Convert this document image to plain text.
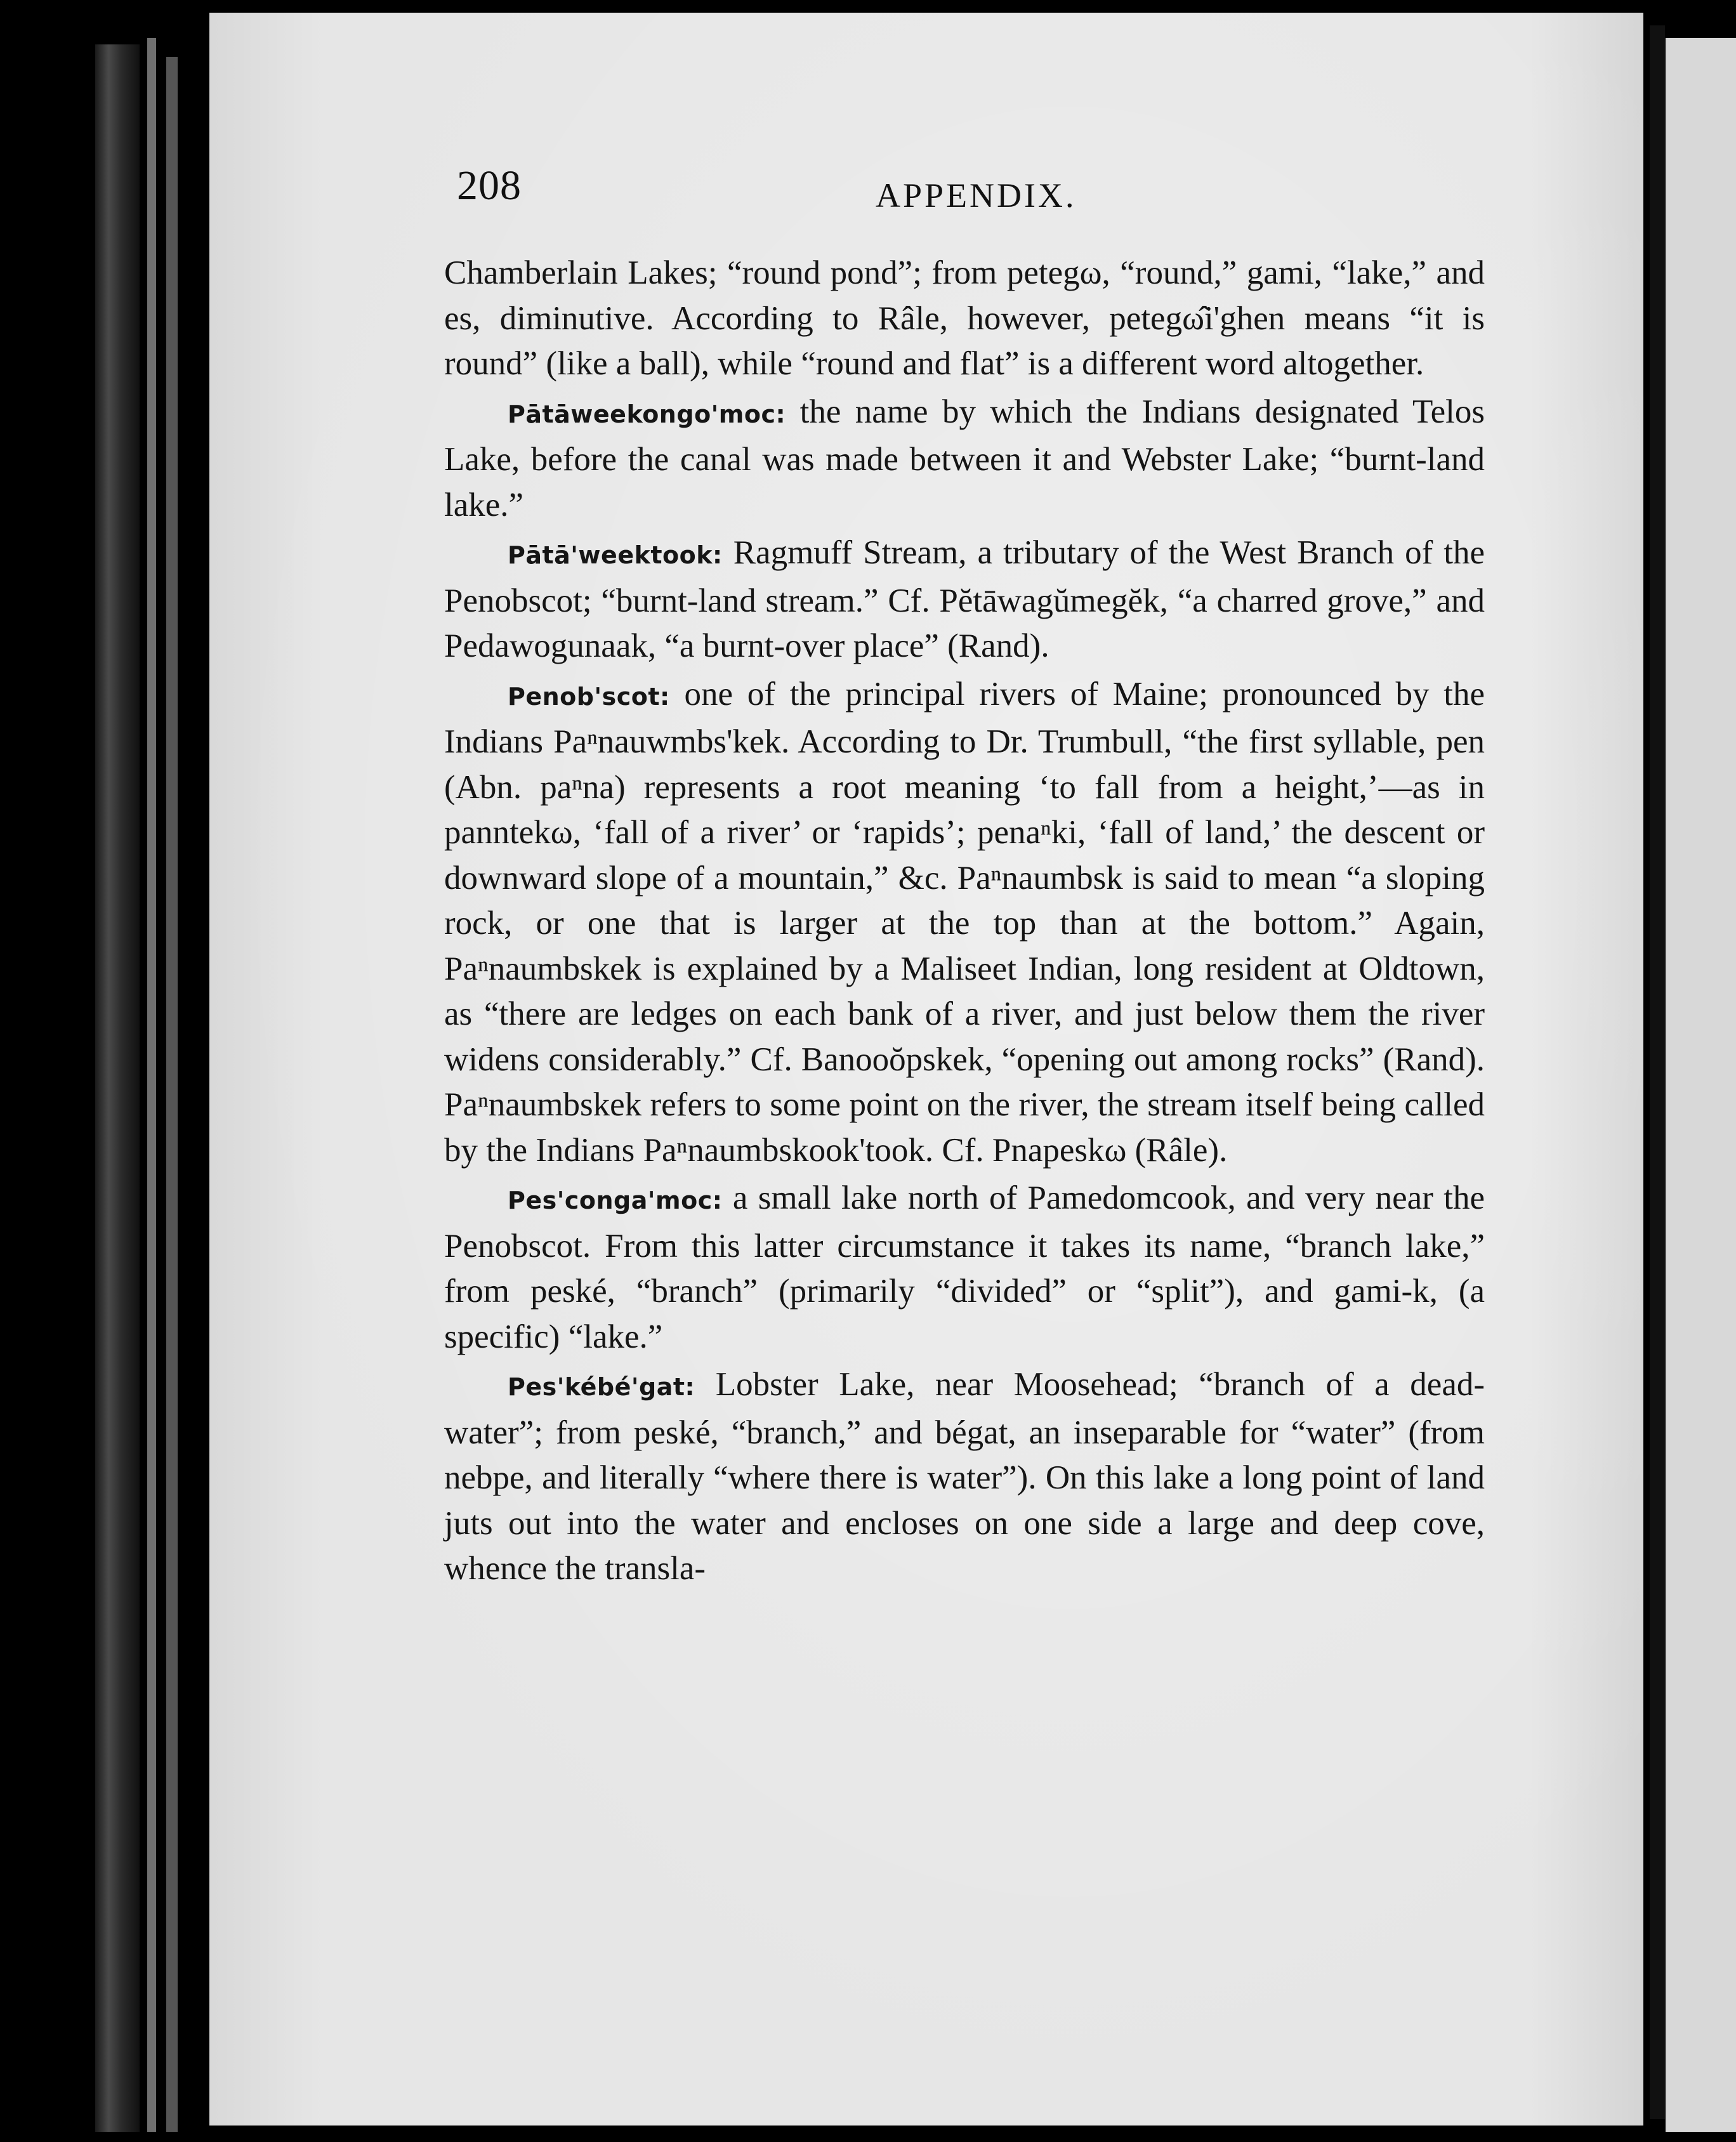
208	APPENDIX.

Chamberlain Lakes; “round pond”; from petegω, “round,” gami, “lake,” and es, diminutive. According to Râle, however, petegω̂i'ghen means “it is round” (like a ball), while “round and flat” is a different word altogether.

Pātāweekongo'moc: the name by which the Indians designated Telos Lake, before the canal was made between it and Webster Lake; “burnt-land lake.”

Pātā'weektook: Ragmuff Stream, a tributary of the West Branch of the Penobscot; “burnt-land stream.” Cf. Pĕtāwagŭmegĕk, “a charred grove,” and Pedawogunaak, “a burnt-over place” (Rand).

Penob'scot: one of the principal rivers of Maine; pronounced by the Indians Paⁿnauwmbs'kek. According to Dr. Trumbull, “the first syllable, pen (Abn. paⁿna) represents a root meaning ‘to fall from a height,’—as in panntekω, ‘fall of a river’ or ‘rapids’; penaⁿki, ‘fall of land,’ the descent or downward slope of a mountain,” &c. Paⁿnaumbsk is said to mean “a sloping rock, or one that is larger at the top than at the bottom.” Again, Paⁿnaumbskek is explained by a Maliseet Indian, long resident at Oldtown, as “there are ledges on each bank of a river, and just below them the river widens considerably.” Cf. Banooŏpskek, “opening out among rocks” (Rand). Paⁿnaumbskek refers to some point on the river, the stream itself being called by the Indians Paⁿnaumbskook'took. Cf. Pnapeskω (Râle).

Pes'conga'moc: a small lake north of Pamedomcook, and very near the Penobscot. From this latter circumstance it takes its name, “branch lake,” from peské, “branch” (primarily “divided” or “split”), and gami-k, (a specific) “lake.”

Pes'kébé'gat: Lobster Lake, near Moosehead; “branch of a dead-water”; from peské, “branch,” and bégat, an inseparable for “water” (from nebpe, and literally “where there is water”). On this lake a long point of land juts out into the water and encloses on one side a large and deep cove, whence the transla-
